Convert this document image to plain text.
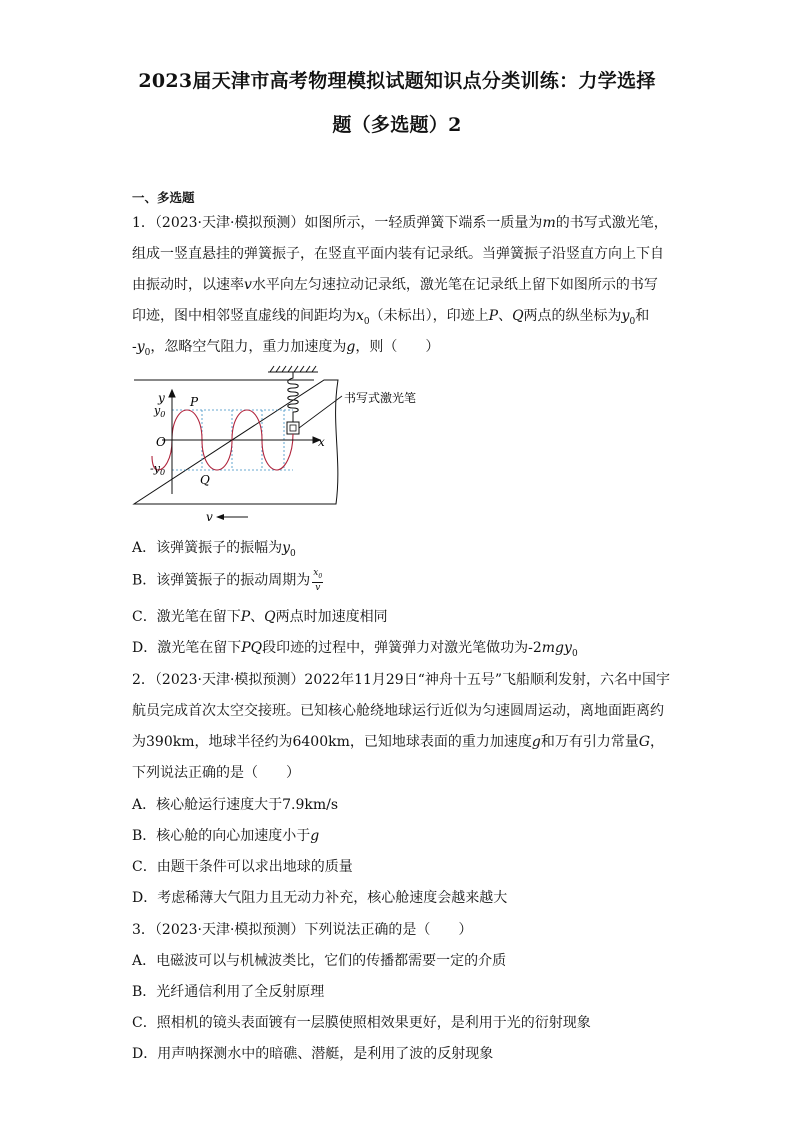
2023届天津市高考物理模拟试题知识点分类训练：力学选择
题（多选题）2
一、多选题
1．（2023·天津·模拟预测）如图所示，一轻质弹簧下端系一质量为m的书写式激光笔，
组成一竖直悬挂的弹簧振子，在竖直平面内装有记录纸。当弹簧振子沿竖直方向上下自
由振动时，以速率v水平向左匀速拉动记录纸，激光笔在记录纸上留下如图所示的书写
印迹，图中相邻竖直虚线的间距均为$x_0$（未标出），印迹上P、Q两点的纵坐标为$y_0$和
$-y_0$，忽略空气阻力，重力加速度为g，则（　　）
书写式激光笔
y
x
O
$y_0$
$-y_0$
P
Q
v
A．该弹簧振子的振幅为$y_0$
B．该弹簧振子的振动周期为 $\frac{x_0}{v}$
C．激光笔在留下P、Q两点时加速度相同
D．激光笔在留下PQ段印迹的过程中，弹簧弹力对激光笔做功为-2mgy$_0$
2．（2023·天津·模拟预测）2022年11月29日“神舟十五号”飞船顺利发射，六名中国宇
航员完成首次太空交接班。已知核心舱绕地球运行近似为匀速圆周运动，离地面距离约
为390km，地球半径约为6400km，已知地球表面的重力加速度g和万有引力常量G，
下列说法正确的是（　　）
A．核心舱运行速度大于7.9km/s
B．核心舱的向心加速度小于g
C．由题干条件可以求出地球的质量
D．考虑稀薄大气阻力且无动力补充，核心舱速度会越来越大
3．（2023·天津·模拟预测）下列说法正确的是（　　）
A．电磁波可以与机械波类比，它们的传播都需要一定的介质
B．光纤通信利用了全反射原理
C．照相机的镜头表面镀有一层膜使照相效果更好，是利用于光的衍射现象
D．用声呐探测水中的暗礁、潜艇，是利用了波的反射现象
